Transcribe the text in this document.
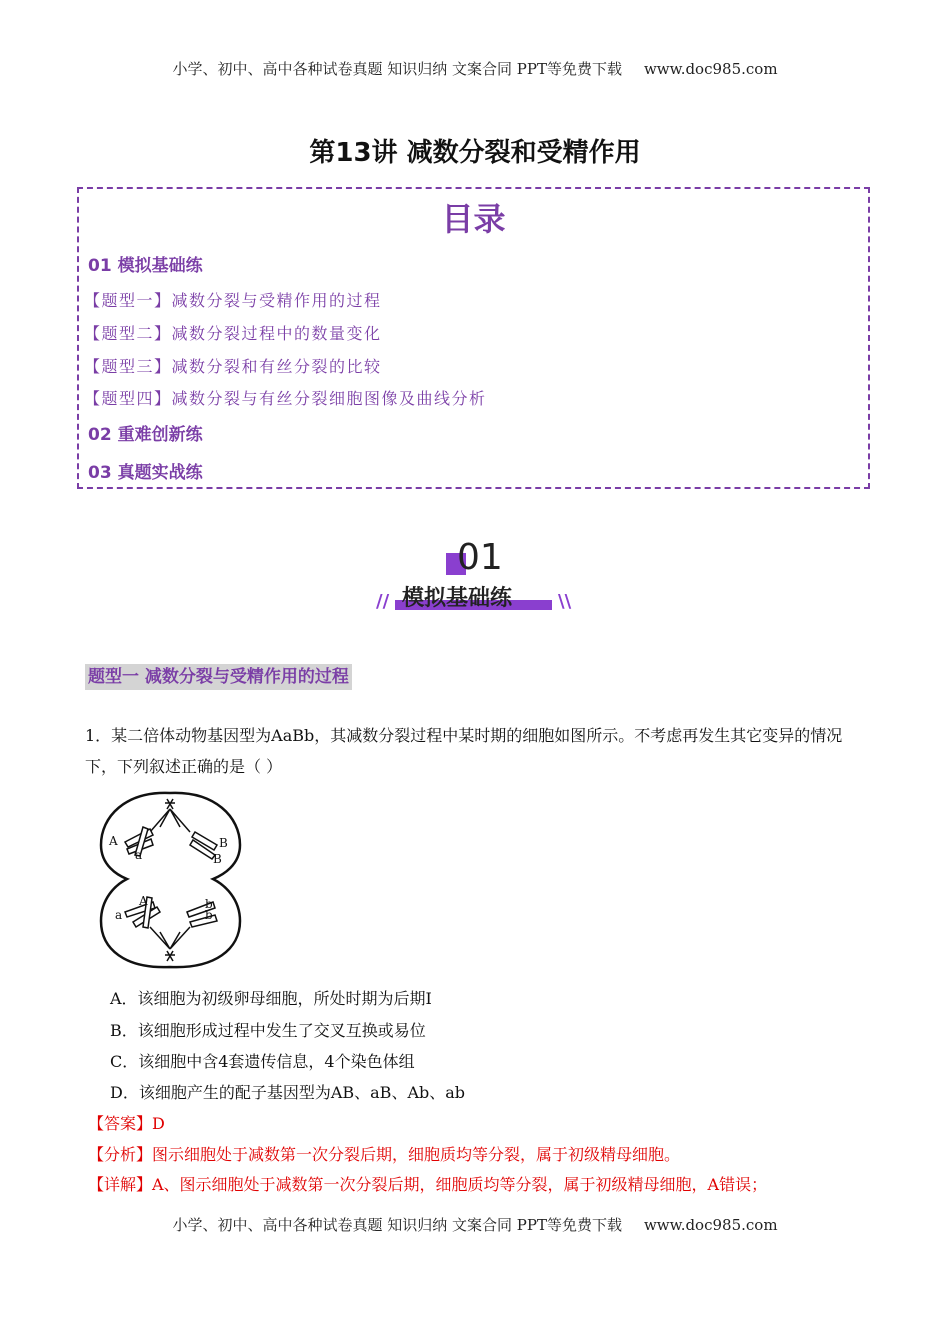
小学、初中、高中各种试卷真题 知识归纳 文案合同 PPT等免费下载 www.doc985.com
第13讲 减数分裂和受精作用
目录
01 模拟基础练
【题型一】减数分裂与受精作用的过程
【题型二】减数分裂过程中的数量变化
【题型三】减数分裂和有丝分裂的比较
【题型四】减数分裂与有丝分裂细胞图像及曲线分析
02 重难创新练
03 真题实战练
01
模拟基础练
//	\\
题型一 减数分裂与受精作用的过程
1．某二倍体动物基因型为AaBb，其减数分裂过程中某时期的细胞如图所示。不考虑再发生其它变异的情况下，下列叙述正确的是（ ）
A
a
B
B
a
A	b
b
A．该细胞为初级卵母细胞，所处时期为后期Ⅰ
B．该细胞形成过程中发生了交叉互换或易位
C．该细胞中含4套遗传信息，4个染色体组
D．该细胞产生的配子基因型为AB、aB、Ab、ab
【答案】D
【分析】图示细胞处于减数第一次分裂后期，细胞质均等分裂，属于初级精母细胞。
【详解】A、图示细胞处于减数第一次分裂后期，细胞质均等分裂，属于初级精母细胞，A错误；
小学、初中、高中各种试卷真题 知识归纳 文案合同 PPT等免费下载 www.doc985.com
